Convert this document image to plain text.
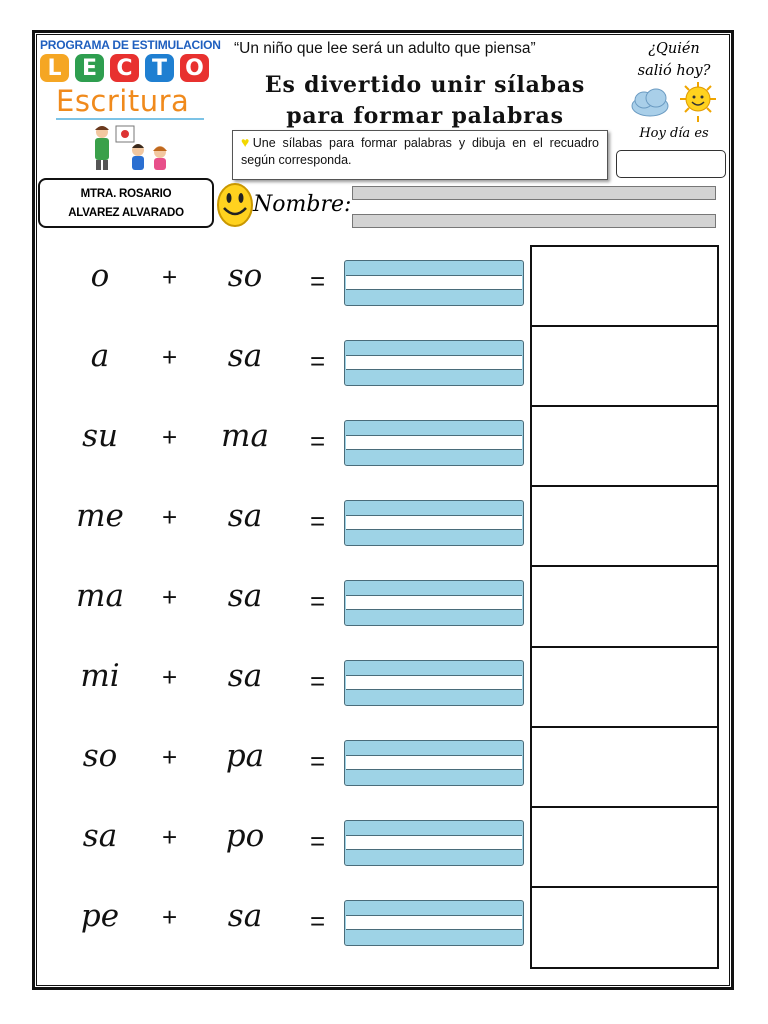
PROGRAMA DE ESTIMULACION
L E C T O
Escritura
“Un niño que lee será un adulto que piensa”
Es divertido unir sílabas
para formar palabras
♥Une sílabas para formar palabras y dibuja en el recuadro según corresponda.
¿Quién
salió hoy?
Hoy día es
MTRA. ROSARIO
ALVAREZ ALVARADO	Nombre:
o	+	so	=
a	+	sa	=
su	+	ma	=
me	+	sa	=
ma	+	sa	=
mi	+	sa	=
so	+	pa	=
sa	+	po	=
pe	+	sa	=
